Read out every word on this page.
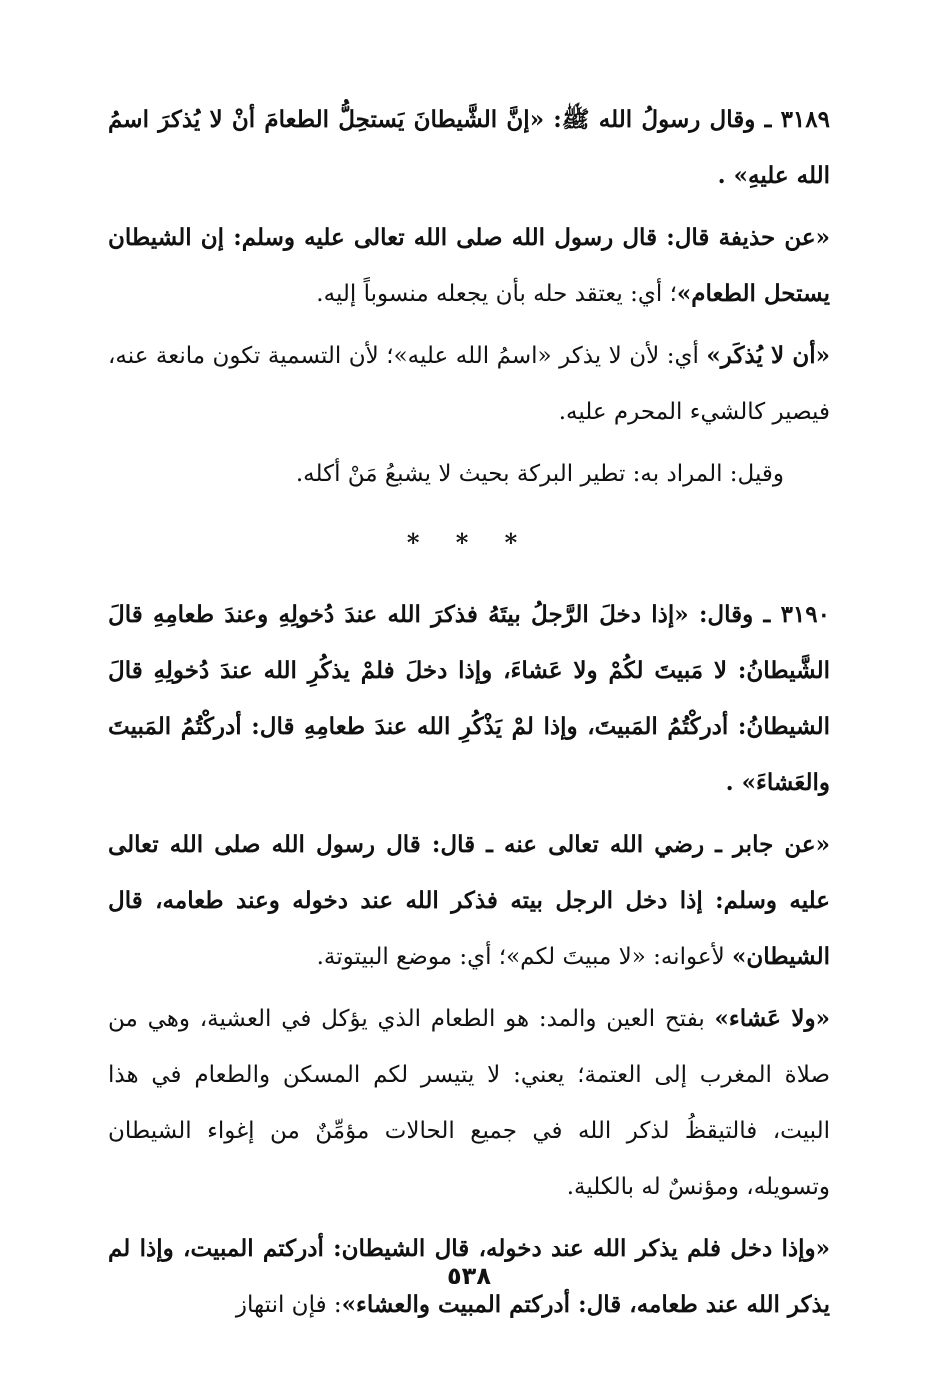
٣١٨٩ ـ وقال رسولُ الله ﷺ: «إنَّ الشَّيطانَ يَستحِلُّ الطعامَ أنْ لا يُذكرَ اسمُ الله عليهِ» .

«عن حذيفة قال: قال رسول الله صلى الله تعالى عليه وسلم: إن الشيطان يستحل الطعام»؛ أي: يعتقد حله بأن يجعله منسوباً إليه.

«أن لا يُذكَر» أي: لأن لا يذكر «اسمُ الله عليه»؛ لأن التسمية تكون مانعة عنه، فيصير كالشيء المحرم عليه.

وقيل: المراد به: تطير البركة بحيث لا يشبعُ مَنْ أكله.

* * *

٣١٩٠ ـ وقال: «إذا دخلَ الرَّجلُ بيتَهُ فذكرَ الله عندَ دُخولِهِ وعندَ طعامِهِ قالَ الشَّيطانُ: لا مَبيتَ لكُمْ ولا عَشاءَ، وإذا دخلَ فلمْ يذكُرِ الله عندَ دُخولِهِ قالَ الشيطانُ: أدركْتُمُ المَبيتَ، وإذا لمْ يَذْكُرِ الله عندَ طعامِهِ قال: أدركْتُمُ المَبيتَ والعَشاءَ» .

«عن جابر ـ رضي الله تعالى عنه ـ قال: قال رسول الله صلى الله تعالى عليه وسلم: إذا دخل الرجل بيته فذكر الله عند دخوله وعند طعامه، قال الشيطان» لأعوانه: «لا مبيتَ لكم»؛ أي: موضع البيتوتة.

«ولا عَشاء» بفتح العين والمد: هو الطعام الذي يؤكل في العشية، وهي من صلاة المغرب إلى العتمة؛ يعني: لا يتيسر لكم المسكن والطعام في هذا البيت، فالتيقظُ لذكر الله في جميع الحالات مؤمِّنٌ من إغواء الشيطان وتسويله، ومؤنسٌ له بالكلية.

«وإذا دخل فلم يذكر الله عند دخوله، قال الشيطان: أدركتم المبيت، وإذا لم يذكر الله عند طعامه، قال: أدركتم المبيت والعشاء»: فإن انتهاز

٥٣٨
